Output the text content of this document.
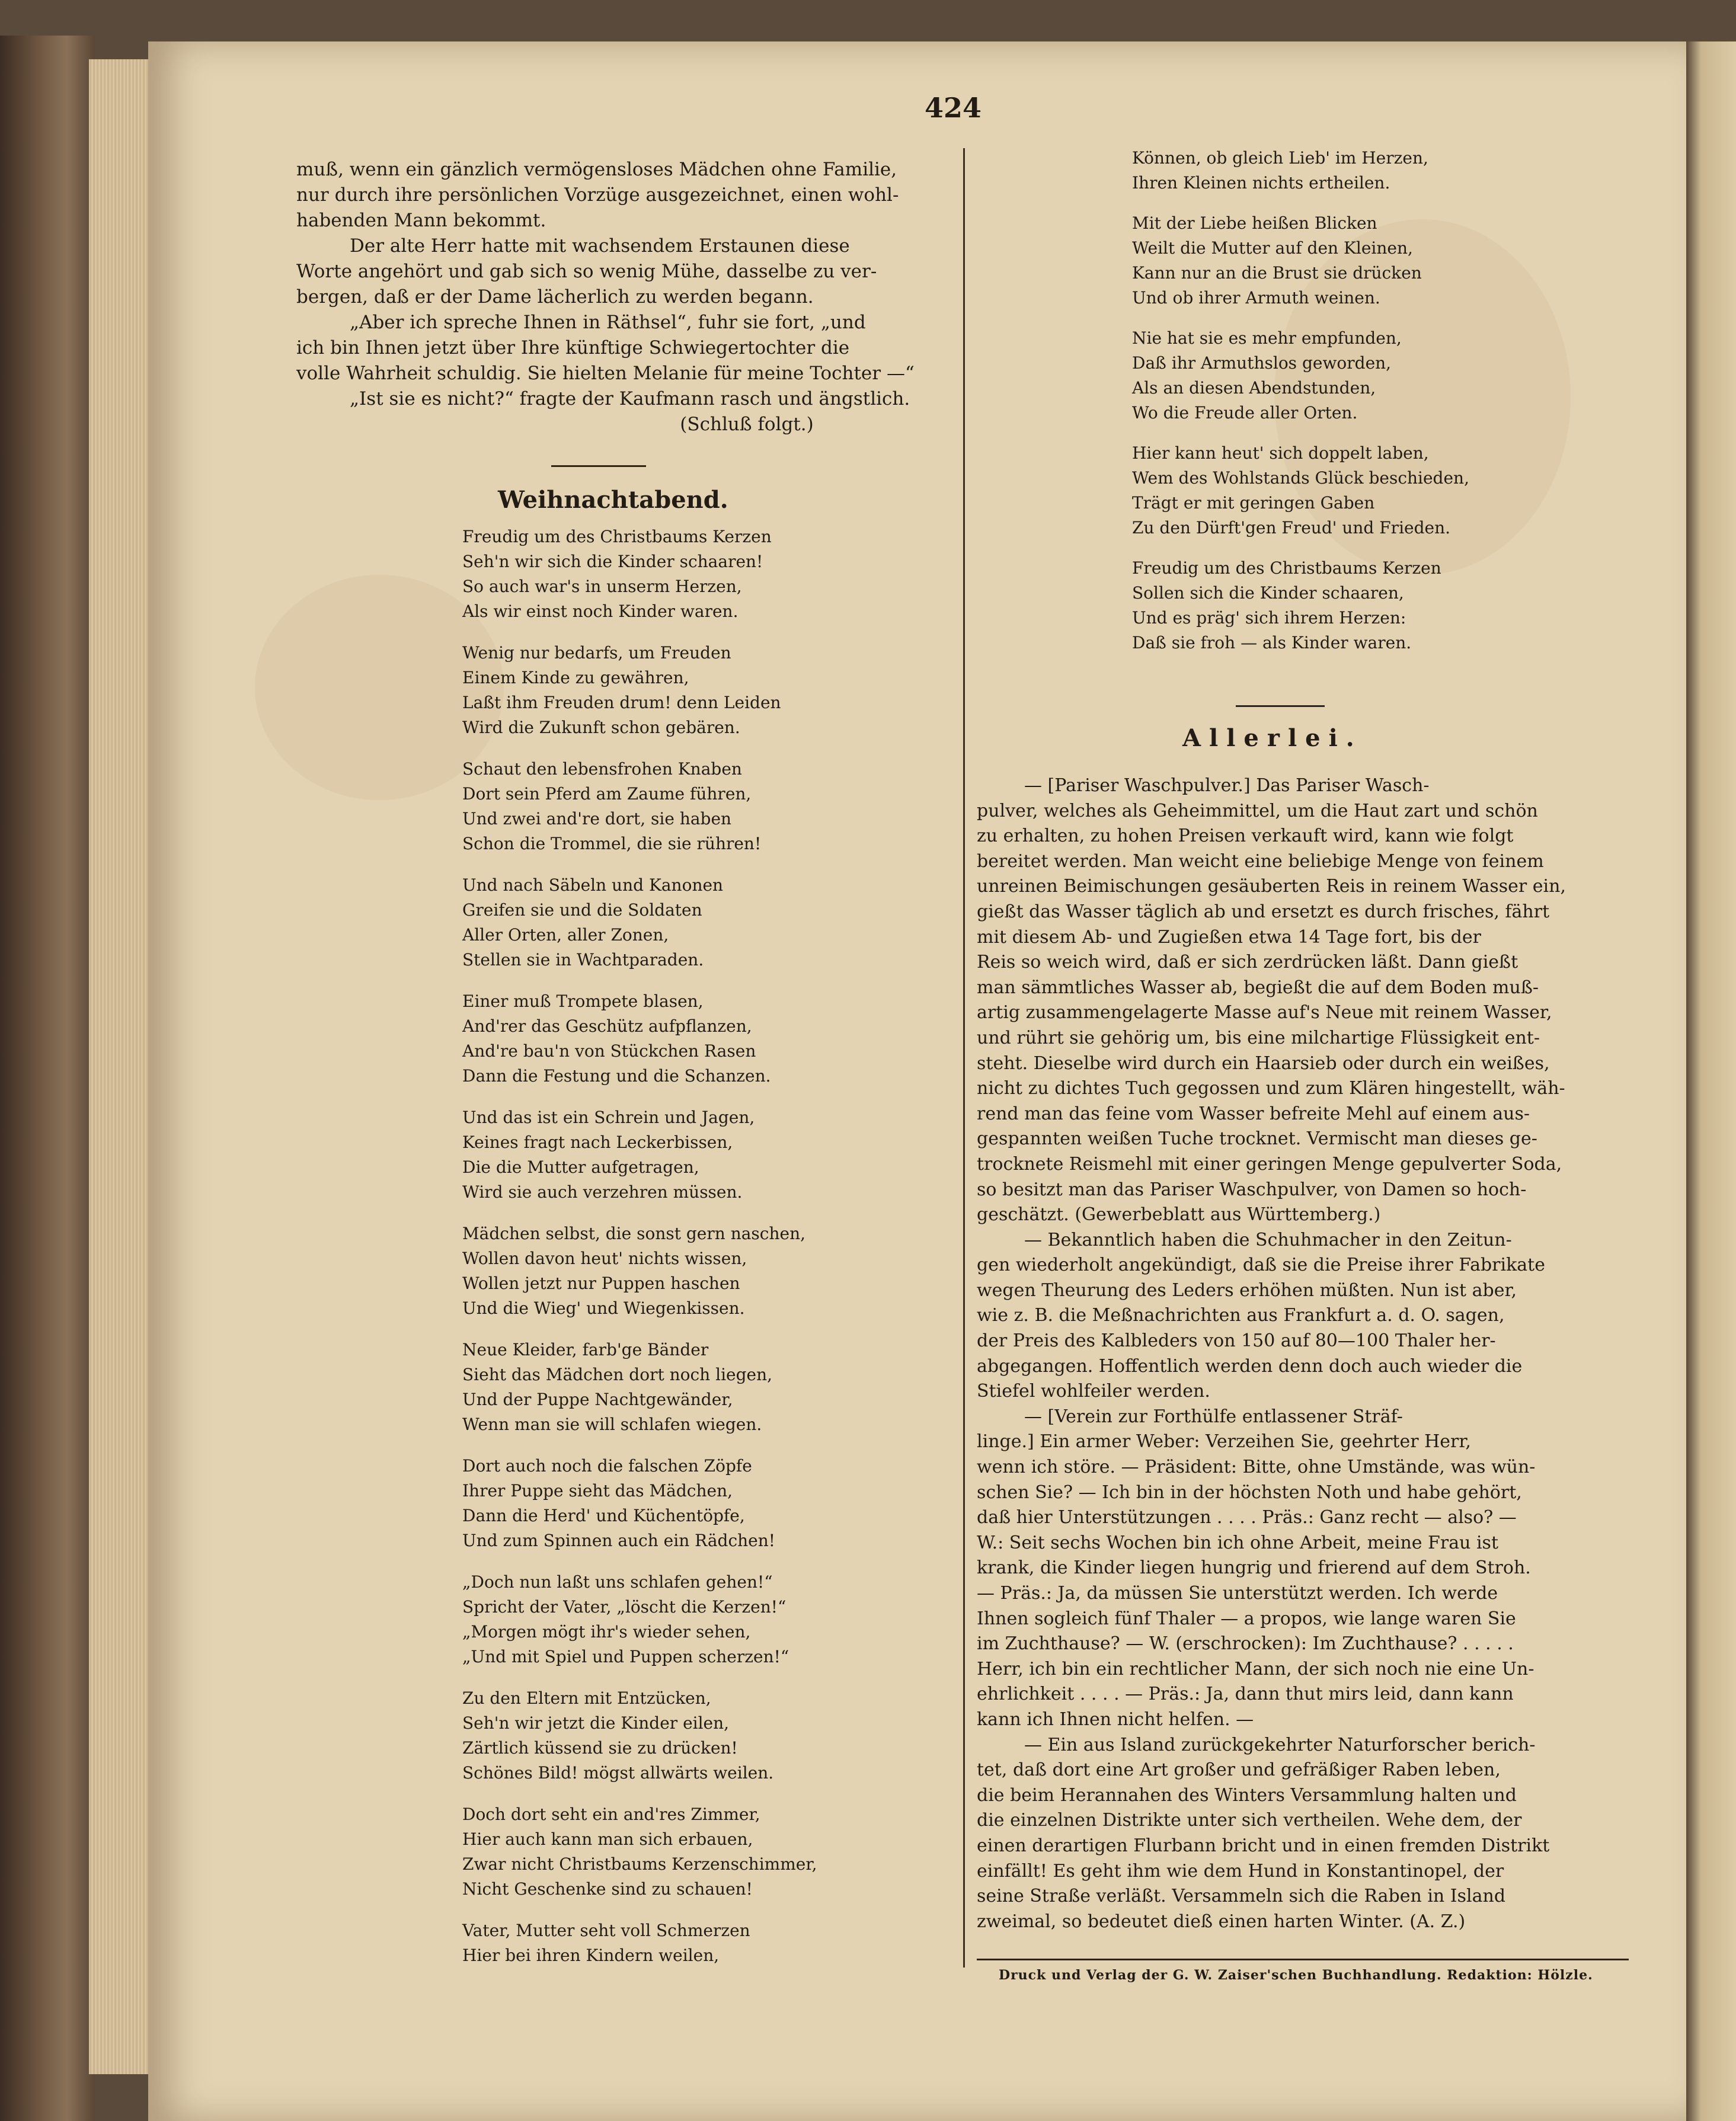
424
muß, wenn ein gänzlich vermögensloses Mädchen ohne Familie,
nur durch ihre persönlichen Vorzüge ausgezeichnet, einen wohl-
habenden Mann bekommt.
Der alte Herr hatte mit wachsendem Erstaunen diese
Worte angehört und gab sich so wenig Mühe, dasselbe zu ver-
bergen, daß er der Dame lächerlich zu werden begann.
„Aber ich spreche Ihnen in Räthsel“, fuhr sie fort, „und
ich bin Ihnen jetzt über Ihre künftige Schwiegertochter die
volle Wahrheit schuldig. Sie hielten Melanie für meine Tochter —“
„Ist sie es nicht?“ fragte der Kaufmann rasch und ängstlich.
(Schluß folgt.)
Weihnachtabend.
Freudig um des Christbaums Kerzen
Seh'n wir sich die Kinder schaaren!
So auch war's in unserm Herzen,
Als wir einst noch Kinder waren.
Wenig nur bedarfs, um Freuden
Einem Kinde zu gewähren,
Laßt ihm Freuden drum! denn Leiden
Wird die Zukunft schon gebären.
Schaut den lebensfrohen Knaben
Dort sein Pferd am Zaume führen,
Und zwei and're dort, sie haben
Schon die Trommel, die sie rühren!
Und nach Säbeln und Kanonen
Greifen sie und die Soldaten
Aller Orten, aller Zonen,
Stellen sie in Wachtparaden.
Einer muß Trompete blasen,
And'rer das Geschütz aufpflanzen,
And're bau'n von Stückchen Rasen
Dann die Festung und die Schanzen.
Und das ist ein Schrein und Jagen,
Keines fragt nach Leckerbissen,
Die die Mutter aufgetragen,
Wird sie auch verzehren müssen.
Mädchen selbst, die sonst gern naschen,
Wollen davon heut' nichts wissen,
Wollen jetzt nur Puppen haschen
Und die Wieg' und Wiegenkissen.
Neue Kleider, farb'ge Bänder
Sieht das Mädchen dort noch liegen,
Und der Puppe Nachtgewänder,
Wenn man sie will schlafen wiegen.
Dort auch noch die falschen Zöpfe
Ihrer Puppe sieht das Mädchen,
Dann die Herd' und Küchentöpfe,
Und zum Spinnen auch ein Rädchen!
„Doch nun laßt uns schlafen gehen!“
Spricht der Vater, „löscht die Kerzen!“
„Morgen mögt ihr's wieder sehen,
„Und mit Spiel und Puppen scherzen!“
Zu den Eltern mit Entzücken,
Seh'n wir jetzt die Kinder eilen,
Zärtlich küssend sie zu drücken!
Schönes Bild! mögst allwärts weilen.
Doch dort seht ein and'res Zimmer,
Hier auch kann man sich erbauen,
Zwar nicht Christbaums Kerzenschimmer,
Nicht Geschenke sind zu schauen!
Vater, Mutter seht voll Schmerzen
Hier bei ihren Kindern weilen,
Können, ob gleich Lieb' im Herzen,
Ihren Kleinen nichts ertheilen.
Mit der Liebe heißen Blicken
Weilt die Mutter auf den Kleinen,
Kann nur an die Brust sie drücken
Und ob ihrer Armuth weinen.
Nie hat sie es mehr empfunden,
Daß ihr Armuthslos geworden,
Als an diesen Abendstunden,
Wo die Freude aller Orten.
Hier kann heut' sich doppelt laben,
Wem des Wohlstands Glück beschieden,
Trägt er mit geringen Gaben
Zu den Dürft'gen Freud' und Frieden.
Freudig um des Christbaums Kerzen
Sollen sich die Kinder schaaren,
Und es präg' sich ihrem Herzen:
Daß sie froh — als Kinder waren.
Allerlei.
— [Pariser Waschpulver.] Das Pariser Wasch-
pulver, welches als Geheimmittel, um die Haut zart und schön
zu erhalten, zu hohen Preisen verkauft wird, kann wie folgt
bereitet werden. Man weicht eine beliebige Menge von feinem
unreinen Beimischungen gesäuberten Reis in reinem Wasser ein,
gießt das Wasser täglich ab und ersetzt es durch frisches, fährt
mit diesem Ab- und Zugießen etwa 14 Tage fort, bis der
Reis so weich wird, daß er sich zerdrücken läßt. Dann gießt
man sämmtliches Wasser ab, begießt die auf dem Boden muß-
artig zusammengelagerte Masse auf's Neue mit reinem Wasser,
und rührt sie gehörig um, bis eine milchartige Flüssigkeit ent-
steht. Dieselbe wird durch ein Haarsieb oder durch ein weißes,
nicht zu dichtes Tuch gegossen und zum Klären hingestellt, wäh-
rend man das feine vom Wasser befreite Mehl auf einem aus-
gespannten weißen Tuche trocknet. Vermischt man dieses ge-
trocknete Reismehl mit einer geringen Menge gepulverter Soda,
so besitzt man das Pariser Waschpulver, von Damen so hoch-
geschätzt. (Gewerbeblatt aus Württemberg.)
— Bekanntlich haben die Schuhmacher in den Zeitun-
gen wiederholt angekündigt, daß sie die Preise ihrer Fabrikate
wegen Theurung des Leders erhöhen müßten. Nun ist aber,
wie z. B. die Meßnachrichten aus Frankfurt a. d. O. sagen,
der Preis des Kalbleders von 150 auf 80—100 Thaler her-
abgegangen. Hoffentlich werden denn doch auch wieder die
Stiefel wohlfeiler werden.
— [Verein zur Forthülfe entlassener Sträf-
linge.] Ein armer Weber: Verzeihen Sie, geehrter Herr,
wenn ich störe. — Präsident: Bitte, ohne Umstände, was wün-
schen Sie? — Ich bin in der höchsten Noth und habe gehört,
daß hier Unterstützungen . . . . Präs.: Ganz recht — also? —
W.: Seit sechs Wochen bin ich ohne Arbeit, meine Frau ist
krank, die Kinder liegen hungrig und frierend auf dem Stroh.
— Präs.: Ja, da müssen Sie unterstützt werden. Ich werde
Ihnen sogleich fünf Thaler — a propos, wie lange waren Sie
im Zuchthause? — W. (erschrocken): Im Zuchthause? . . . . .
Herr, ich bin ein rechtlicher Mann, der sich noch nie eine Un-
ehrlichkeit . . . . — Präs.: Ja, dann thut mirs leid, dann kann
kann ich Ihnen nicht helfen. —
— Ein aus Island zurückgekehrter Naturforscher berich-
tet, daß dort eine Art großer und gefräßiger Raben leben,
die beim Herannahen des Winters Versammlung halten und
die einzelnen Distrikte unter sich vertheilen. Wehe dem, der
einen derartigen Flurbann bricht und in einen fremden Distrikt
einfällt! Es geht ihm wie dem Hund in Konstantinopel, der
seine Straße verläßt. Versammeln sich die Raben in Island
zweimal, so bedeutet dieß einen harten Winter. (A. Z.)
Druck und Verlag der G. W. Zaiser'schen Buchhandlung. Redaktion: Hölzle.
